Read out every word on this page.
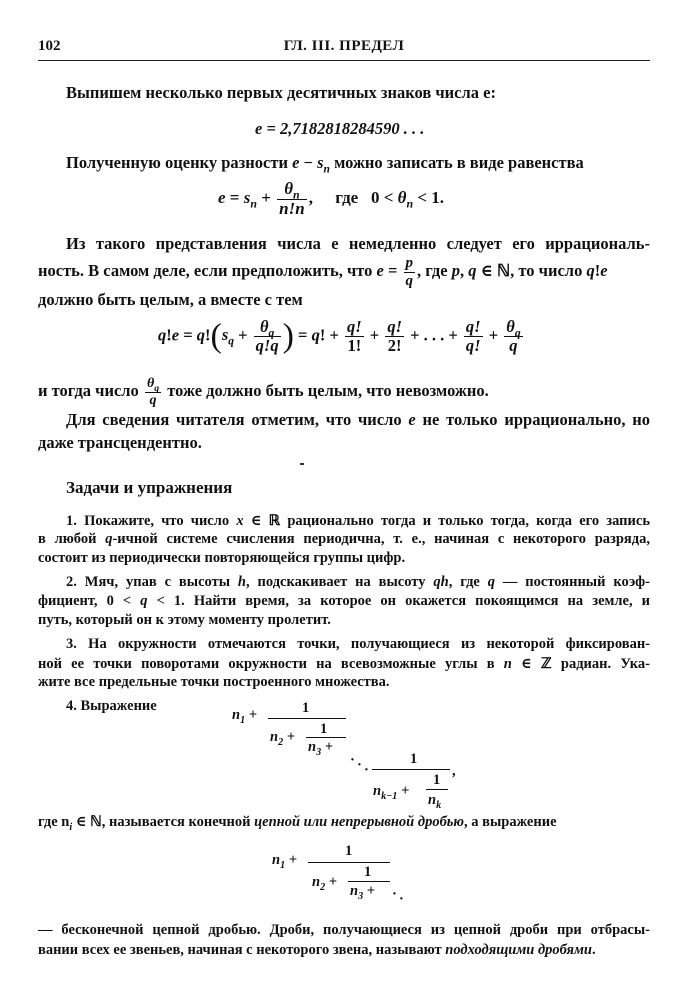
102	ГЛ. III. ПРЕДЕЛ
Выпишем несколько первых десятичных знаков числа e:
e = 2,7182818284590 . . .
Полученную оценку разности $e - s_n$ можно записать в виде равенства
$e = s_n + \frac{\theta_n}{n!n}$ , где   $0 < \theta_n < 1$.
Из такого представления числа e немедленно следует его иррациональ-
ность. В самом деле, если предположить, что $e = \frac{p}{q}$ , где p, q ∈ ℕ, то число q!e
должно быть целым, а вместе с тем
$q!e = q!(s_q + \frac{\theta_q}{q!q}$ ) = q! + $\frac{q!}{1!} + \frac{q!}{2!}$ + . . . + $\frac{q!}{q!} + \frac{\theta_q}{q}$
и тогда число $\frac{\theta_q}{q}$ тоже должно быть целым, что невозможно.
Для сведения читателя отметим, что число e не только иррационально, но
даже трансцендентно.
Задачи и упражнения
1. Покажите, что число x ∈ ℝ рационально тогда и только тогда, когда его запись
в любой q-ичной системе счисления периодична, т. е., начиная с некоторого разряда,
состоит из периодически повторяющейся группы цифр.
2. Мяч, упав с высоты h, подскакивает на высоту qh, где q — постоянный коэф-
фициент, 0 < q < 1. Найти время, за которое он окажется покоящимся на земле, и
путь, который он к этому моменту пролетит.
3. На окружности отмечаются точки, получающиеся из некоторой фиксирован-
ной ее точки поворотами окружности на всевозможные углы в n ∈ ℤ радиан. Ука-
жите все предельные точки построенного множества.
4. Выражение
$n_1$ +	1
$n_2 + 1$
$n_3$ +
· · ·
1
$n_{k-1}$ +
1
$n_k$
,
где $n_i$ ∈ ℕ, называется конечной цепной или непрерывной дробью, а выражение
$n_1$ +
1
$n_2$ +
1
$n_3$ + · ·
— бесконечной цепной дробью. Дроби, получающиеся из цепной дроби при отбрасы-
вании всех ее звеньев, начиная с некоторого звена, называют подходящими дробями.
